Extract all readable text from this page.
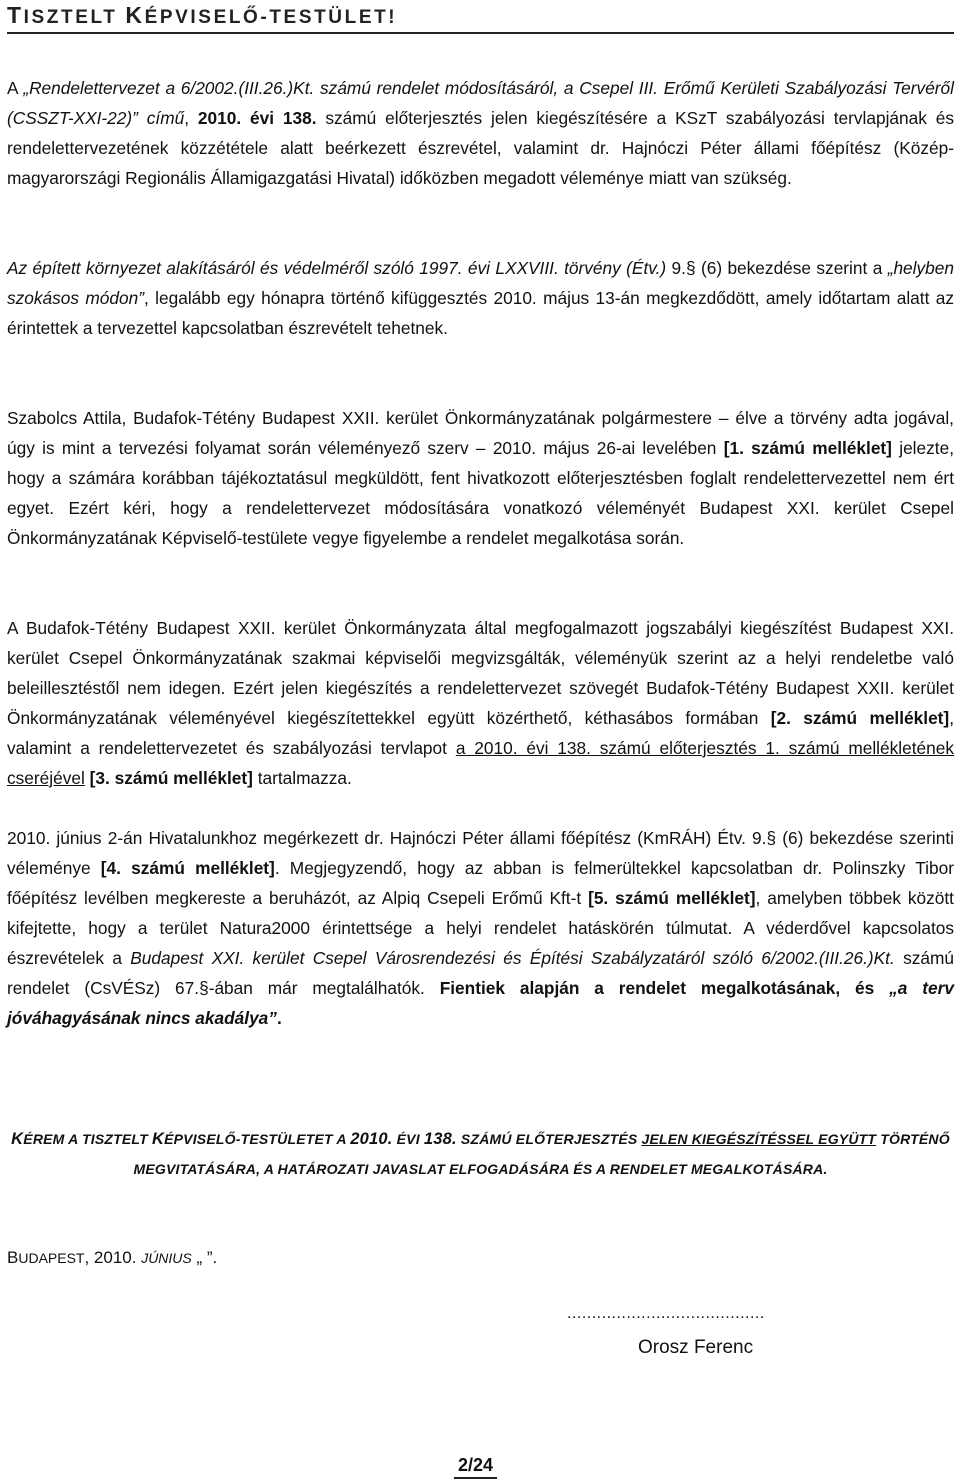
TISZTELT KÉPVISELŐ-TESTÜLET!

A „Rendelettervezet a 6/2002.(III.26.)Kt. számú rendelet módosításáról, a Csepel III. Erőmű Kerületi Szabályozási Tervéről (CSSZT-XXI-22)” című, 2010. évi 138. számú előterjesztés jelen kiegészítésére a KSzT szabályozási tervlapjának és rendelettervezetének közzététele alatt beérkezett észrevétel, valamint dr. Hajnóczi Péter állami főépítész (Közép-magyarországi Regionális Államigazgatási Hivatal) időközben megadott véleménye miatt van szükség.

Az épített környezet alakításáról és védelméről szóló 1997. évi LXXVIII. törvény (Étv.) 9.§ (6) bekezdése szerint a „helyben szokásos módon”, legalább egy hónapra történő kifüggesztés 2010. május 13-án megkezdődött, amely időtartam alatt az érintettek a tervezettel kapcsolatban észrevételt tehetnek.

Szabolcs Attila, Budafok-Tétény Budapest XXII. kerület Önkormányzatának polgármestere – élve a törvény adta jogával, úgy is mint a tervezési folyamat során véleményező szerv – 2010. május 26-ai levelében [1. számú melléklet] jelezte, hogy a számára korábban tájékoztatásul megküldött, fent hivatkozott előterjesztésben foglalt rendelettervezettel nem ért egyet. Ezért kéri, hogy a rendelettervezet módosítására vonatkozó véleményét Budapest XXI. kerület Csepel Önkormányzatának Képviselő-testülete vegye figyelembe a rendelet megalkotása során.

A Budafok-Tétény Budapest XXII. kerület Önkormányzata által megfogalmazott jogszabályi kiegészítést Budapest XXI. kerület Csepel Önkormányzatának szakmai képviselői megvizsgálták, véleményük szerint az a helyi rendeletbe való beleillesztéstől nem idegen. Ezért jelen kiegészítés a rendelettervezet szövegét Budafok-Tétény Budapest XXII. kerület Önkormányzatának véleményével kiegészítettekkel együtt közérthető, kéthasábos formában [2. számú melléklet], valamint a rendelettervezetet és szabályozási tervlapot a 2010. évi 138. számú előterjesztés 1. számú mellékletének cseréjével [3. számú melléklet] tartalmazza.

2010. június 2-án Hivatalunkhoz megérkezett dr. Hajnóczi Péter állami főépítész (KmRÁH) Étv. 9.§ (6) bekezdése szerinti véleménye [4. számú melléklet]. Megjegyzendő, hogy az abban is felmerültekkel kapcsolatban dr. Polinszky Tibor főépítész levélben megkereste a beruházót, az Alpiq Csepeli Erőmű Kft-t [5. számú melléklet], amelyben többek között kifejtette, hogy a terület Natura2000 érintettsége a helyi rendelet hatáskörén túlmutat. A véderdővel kapcsolatos észrevételek a Budapest XXI. kerület Csepel Városrendezési és Építési Szabályzatáról szóló 6/2002.(III.26.)Kt. számú rendelet (CsVÉSz) 67.§-ában már megtalálhatók. Fientiek alapján a rendelet megalkotásának, és „a terv jóváhagyásának nincs akadálya”.

KÉREM A TISZTELT KÉPVISELŐ-TESTÜLETET A 2010. ÉVI 138. SZÁMÚ ELŐTERJESZTÉS JELEN KIEGÉSZÍTÉSSEL EGYÜTT TÖRTÉNŐ MEGVITATÁSÁRA, A HATÁROZATI JAVASLAT ELFOGADÁSÁRA ÉS A RENDELET MEGALKOTÁSÁRA.
BUDAPEST, 2010. JÚNIUS „ ”.
........................................
Orosz Ferenc
2/24
